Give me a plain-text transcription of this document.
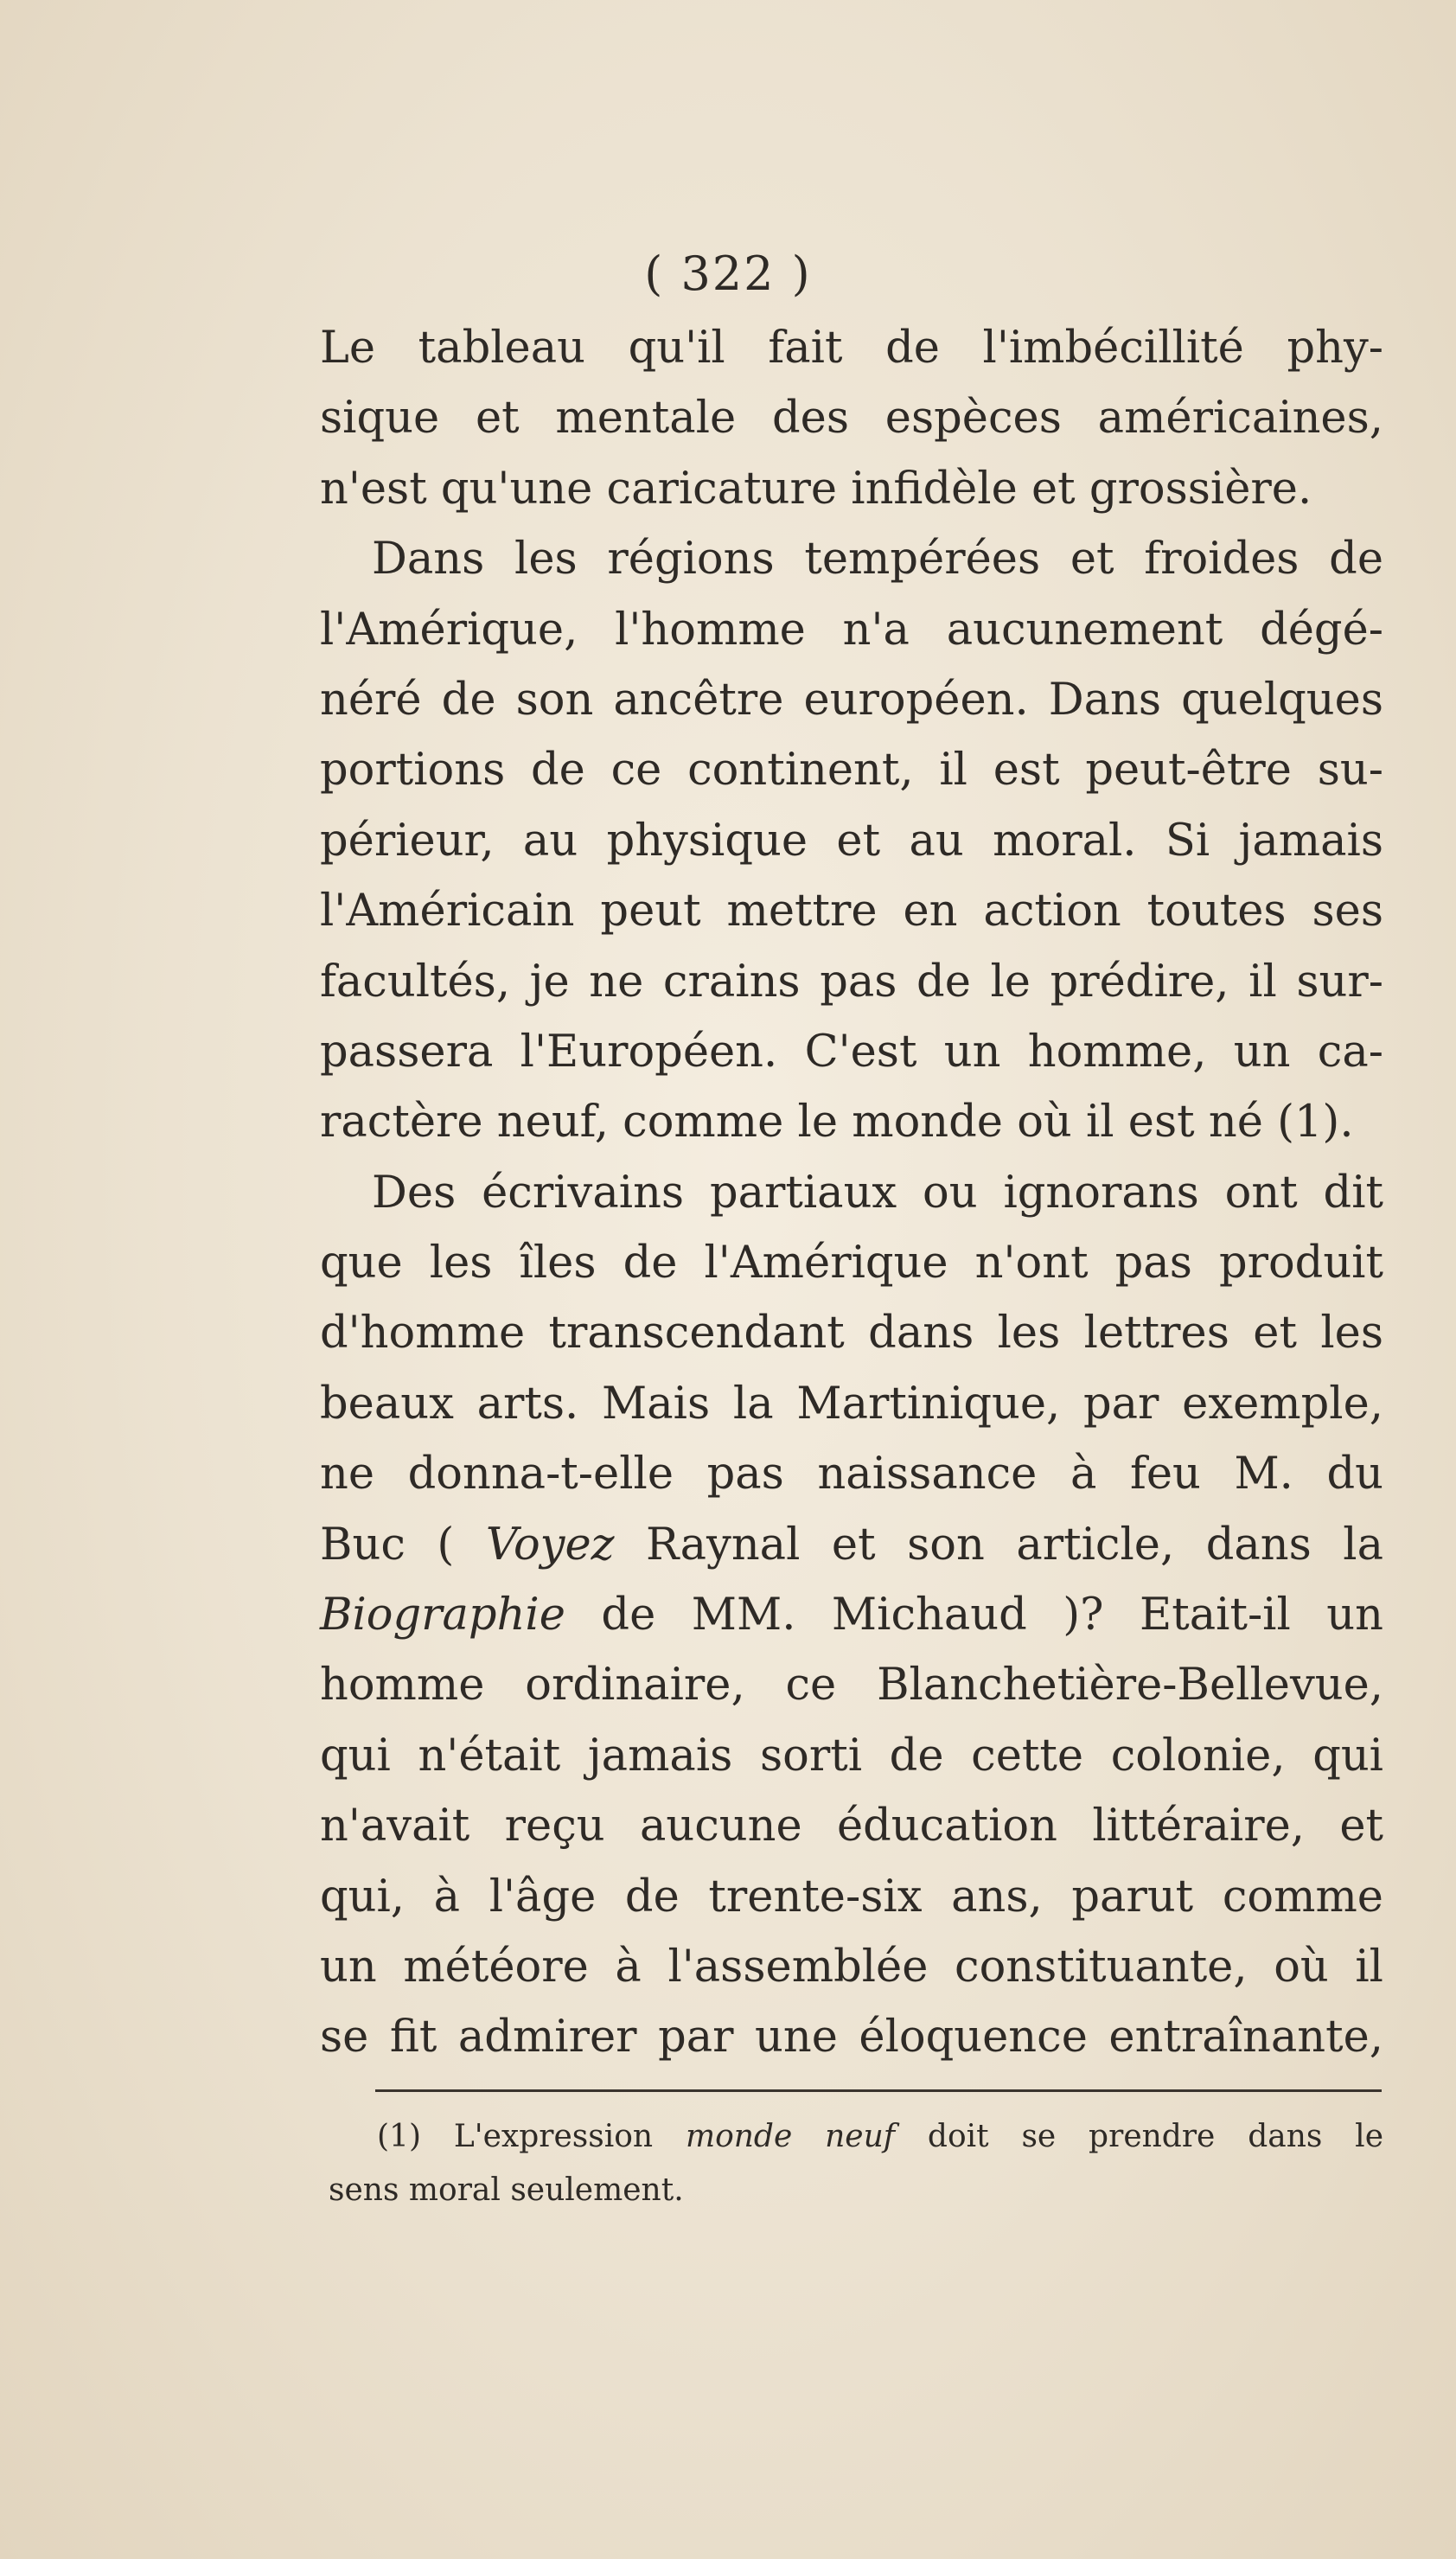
( 322 )
Le tableau qu'il fait de l'imbécillité phy-
sique et mentale des espèces américaines,
n'est qu'une caricature infidèle et grossière.
Dans les régions tempérées et froides de
l'Amérique, l'homme n'a aucunement dégé-
néré de son ancêtre européen. Dans quelques
portions de ce continent, il est peut-être su-
périeur, au physique et au moral. Si jamais
l'Américain peut mettre en action toutes ses
facultés, je ne crains pas de le prédire, il sur-
passera l'Européen. C'est un homme, un ca-
ractère neuf, comme le monde où il est né (1).
Des écrivains partiaux ou ignorans ont dit
que les îles de l'Amérique n'ont pas produit
d'homme transcendant dans les lettres et les
beaux arts. Mais la Martinique, par exemple,
ne donna-t-elle pas naissance à feu M. du
Buc ( Voyez Raynal et son article, dans la
Biographie de MM. Michaud )? Etait-il un
homme ordinaire, ce Blanchetière-Bellevue,
qui n'était jamais sorti de cette colonie, qui
n'avait reçu aucune éducation littéraire, et
qui, à l'âge de trente-six ans, parut comme
un météore à l'assemblée constituante, où il
se fit admirer par une éloquence entraînante,
(1) L'expression monde neuf doit se prendre dans le
sens moral seulement.
